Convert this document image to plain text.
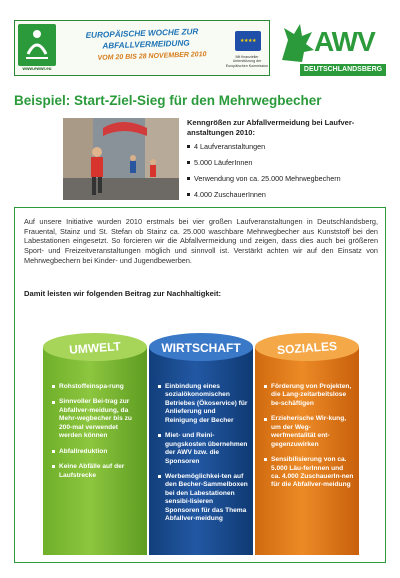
www.ewwr.eu
EUROPÄISCHE WOCHE ZUR
ABFALLVERMEIDUNG
VOM 20 BIS 28 NOVEMBER 2010
★★★★
Mit finanzieller Unterstützung der Europäischen Kommission
AWV
DEUTSCHLANDSBERG
Beispiel: Start-Ziel-Sieg für den Mehrwegbecher
Kenngrößen zur Abfallvermeidung bei Laufver-anstaltungen 2010:
4 Laufveranstaltungen
5.000 LäuferInnen
Verwendung von ca. 25.000 Mehrwegbechern
4.000 ZuschauerInnen

Auf unsere Initiative wurden 2010 erstmals bei vier großen Laufveranstaltungen in Deutschlandsberg, Frauental, Stainz und St. Stefan ob Stainz ca. 25.000 waschbare Mehrwegbecher aus Kunststoff bei den Labestationen eingesetzt. So forcieren wir die Abfallvermeidung und zeigen, dass dies auch bei größeren Sport- und Freizeitveranstaltungen möglich und sinnvoll ist. Verstärkt achten wir auf den Einsatz von Mehrwegbechern bei Kinder- und Jugendbewerben.

Damit leisten wir folgenden Beitrag zur Nachhaltigkeit:

UMWELT
Rohstoffeinspa-rung
Sinnvoller Bei-trag zur Abfallver-meidung, da Mehr-wegbecher bis zu 200-mal verwendet werden können
Abfallreduktion
Keine Abfälle auf der Laufstrecke
WIRTSCHAFT
Einbindung eines sozialökonomischen Betriebes (Ökoservice) für Anlieferung und Reinigung der Becher
Miet- und Reini-gungskosten übernehmen der AWV bzw. die Sponsoren
Werbemöglichkei-ten auf den Becher-Sammelboxen bei den Labestationen sensibi-lisieren Sponsoren für das Thema Abfallver-meidung
SOZIALES
Förderung von Projekten, die Lang-zeitarbeitslose be-schäftigen
Erzieherische Wir-kung, um der Weg-werfmentalität ent-gegenzuwirken
Sensibilisierung von ca. 5.000 Läu-ferInnen und ca. 4.000 ZuschauerIn-nen für die Abfallver-meidung
